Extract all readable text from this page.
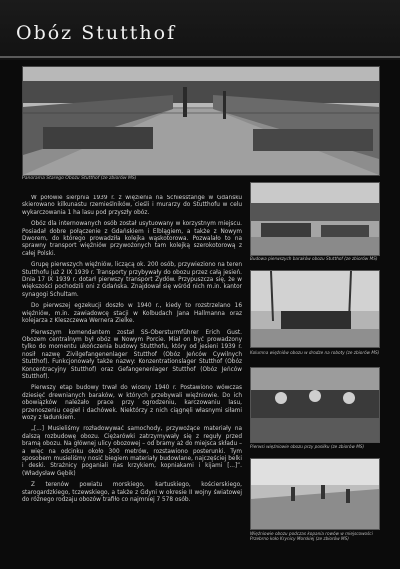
Obóz Stutthof
Panorama Starego Obozu Stutthof (ze zbiorów MS)

W połowie sierpnia 1939 r. z więzienia na Schiesstange w Gdańsku skierowano kilkunastu rzemieślników, cieśli i murarzy do Stutthofu w celu wykarczowania 1 ha lasu pod przyszły obóz.

Obóz dla internowanych osób został usytuowany w korzystnym miejscu. Posiadał dobre połączenie z Gdańskiem i Elblągiem, a także z Nowym Dworem, do którego prowadziła kolejka wąskotorowa. Pozwalało to na sprawny transport więźniów przywożonych tam kolejką szerokotorową z całej Polski.

Grupę pierwszych więźniów, liczącą ok. 200 osób, przywieziono na teren Stutthofu już 2 IX 1939 r. Transporty przybywały do obozu przez całą jesień. Dnia 17 IX 1939 r. dotarł pierwszy transport Żydów. Przypuszcza się, że w większości pochodzili oni z Gdańska. Znajdował się wśród nich m.in. kantor synagogi Schultam.

Do pierwszej egzekucji doszło w 1940 r., kiedy to rozstrzelano 16 więźniów, m.in. zawiadowcę stacji w Kolbudach Jana Hallmanna oraz kolejarza z Kleszczewa Wernera Zielke.

Pierwszym komendantem został SS-Obersturmführer Erich Gust. Obozem centralnym był obóz w Nowym Porcie. Miał on być prowadzony tylko do momentu ukończenia budowy Stutthofu, który od jesieni 1939 r. nosił nazwę Zivilgefangenenlager Stutthof (Obóz Jeńców Cywilnych Stutthof). Funkcjonowały także nazwy: Konzentrationslager Stutthof (Obóz Koncentracyjny Stutthof) oraz Gefangenenlager Stutthof (Obóz Jeńców Stutthof).

Pierwszy etap budowy trwał do wiosny 1940 r. Postawiono wówczas dziesięć drewnianych baraków, w których przebywali więźniowie. Do ich obowiązków należało prace przy ogrodzeniu, karczowaniu lasu, przenoszeniu cegieł i dachówek. Niektórzy z nich ciągnęli własnymi siłami wozy z ładunkiem.

„[...] Musieliśmy rozładowywać samochody, przywożące materiały na dalszą rozbudowę obozu. Ciężarówki zatrzymywały się z reguły przed bramą obozu. Na głównej ulicy obozowej – od bramy aż do miejsca składu – a więc na odcinku około 300 metrów, rozstawiono posterunki. Tym sposobem musieliśmy nosić biegiem materiały budowlane, najczęściej belki i deski. Strażnicy poganiali nas krzykiem, kopniakami i kijami [...]”. (Władysław Gębik)

Z terenów powiatu morskiego, kartuskiego, kościerskiego, starogardzkiego, tczewskiego, a także z Gdyni w okresie II wojny światowej do różnego rodzaju obozów trafiło co najmniej 7 578 osób.

Budowa pierwszych baraków obozu Stutthof (ze zbiorów MS)
Kolumna więźniów obozu w drodze na roboty (ze zbiorów MS)
Pierwsi więźniowie obozu przy posiłku (ze zbiorów MS)
Więźniowie obozu podczas kopania rowów w miejscowości Przebrno koło Krynicy Morskiej (ze zbiorów MS)
